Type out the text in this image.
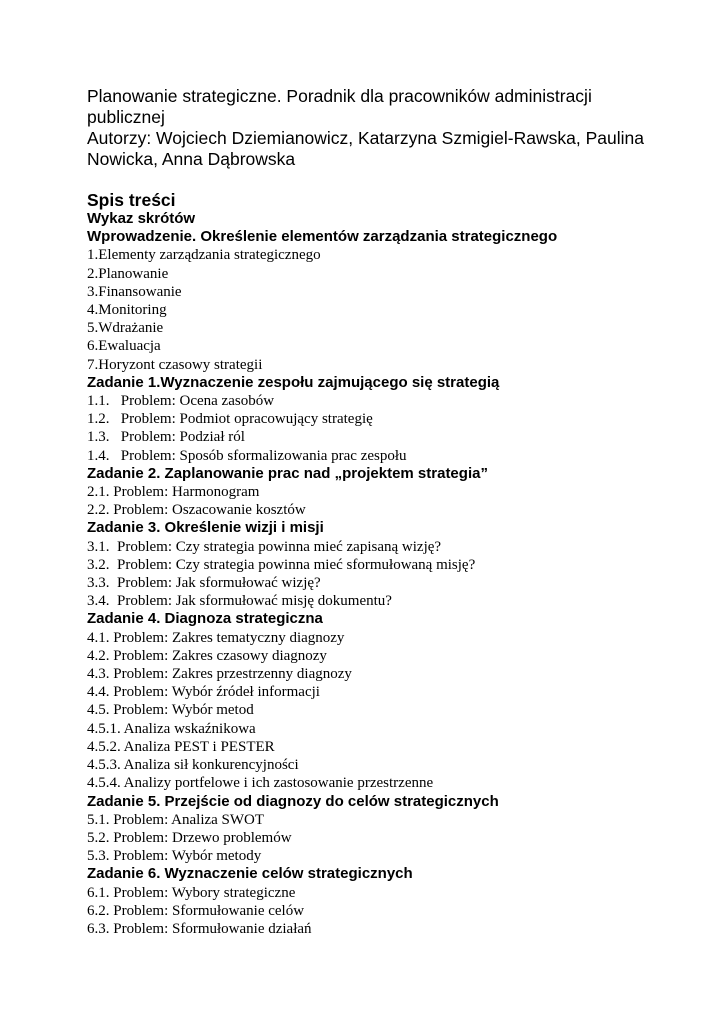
Planowanie strategiczne. Poradnik dla pracowników administracji

publicznej

Autorzy: Wojciech Dziemianowicz, Katarzyna Szmigiel-Rawska, Paulina

Nowicka, Anna Dąbrowska

Spis treści

Wykaz skrótów

Wprowadzenie. Określenie elementów zarządzania strategicznego

1.Elementy zarządzania strategicznego

2.Planowanie

3.Finansowanie

4.Monitoring

5.Wdrażanie

6.Ewaluacja

7.Horyzont czasowy strategii

Zadanie 1.Wyznaczenie zespołu zajmującego się strategią

1.1.   Problem: Ocena zasobów

1.2.   Problem: Podmiot opracowujący strategię

1.3.   Problem: Podział ról

1.4.   Problem: Sposób sformalizowania prac zespołu

Zadanie 2. Zaplanowanie prac nad „projektem strategia”

2.1. Problem: Harmonogram

2.2. Problem: Oszacowanie kosztów

Zadanie 3. Określenie wizji i misji

3.1.  Problem: Czy strategia powinna mieć zapisaną wizję?

3.2.  Problem: Czy strategia powinna mieć sformułowaną misję?

3.3.  Problem: Jak sformułować wizję?

3.4.  Problem: Jak sformułować misję dokumentu?

Zadanie 4. Diagnoza strategiczna

4.1. Problem: Zakres tematyczny diagnozy

4.2. Problem: Zakres czasowy diagnozy

4.3. Problem: Zakres przestrzenny diagnozy

4.4. Problem: Wybór źródeł informacji

4.5. Problem: Wybór metod

4.5.1. Analiza wskaźnikowa

4.5.2. Analiza PEST i PESTER

4.5.3. Analiza sił konkurencyjności

4.5.4. Analizy portfelowe i ich zastosowanie przestrzenne

Zadanie 5. Przejście od diagnozy do celów strategicznych

5.1. Problem: Analiza SWOT

5.2. Problem: Drzewo problemów

5.3. Problem: Wybór metody

Zadanie 6. Wyznaczenie celów strategicznych

6.1. Problem: Wybory strategiczne

6.2. Problem: Sformułowanie celów

6.3. Problem: Sformułowanie działań
